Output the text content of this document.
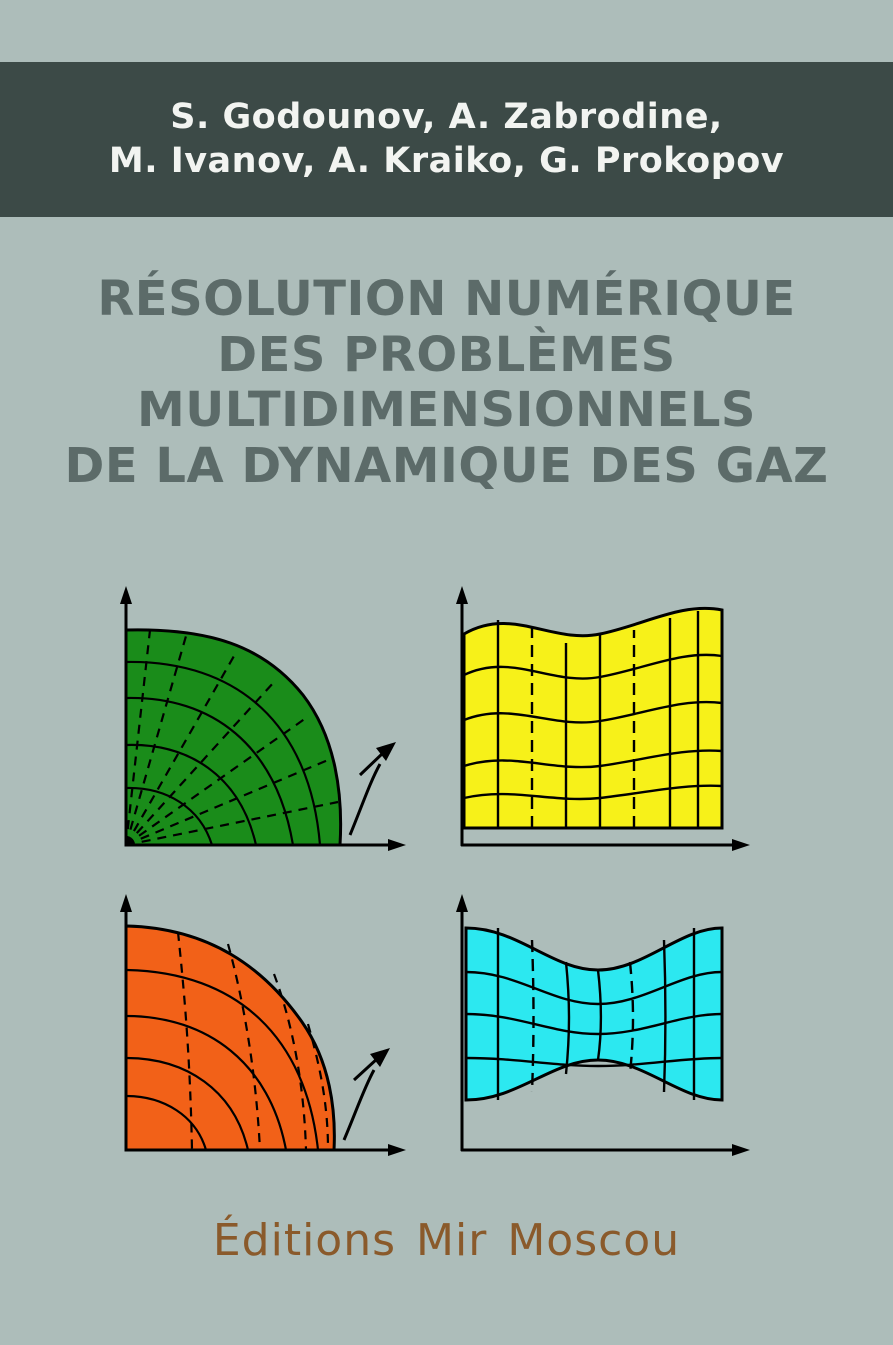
S. Godounov, A. Zabrodine,
M. Ivanov, A. Kraiko, G. Prokopov
RÉSOLUTION NUMÉRIQUE
DES PROBLÈMES
MULTIDIMENSIONNELS
DE LA DYNAMIQUE DES GAZ
Éditions Mir Moscou
